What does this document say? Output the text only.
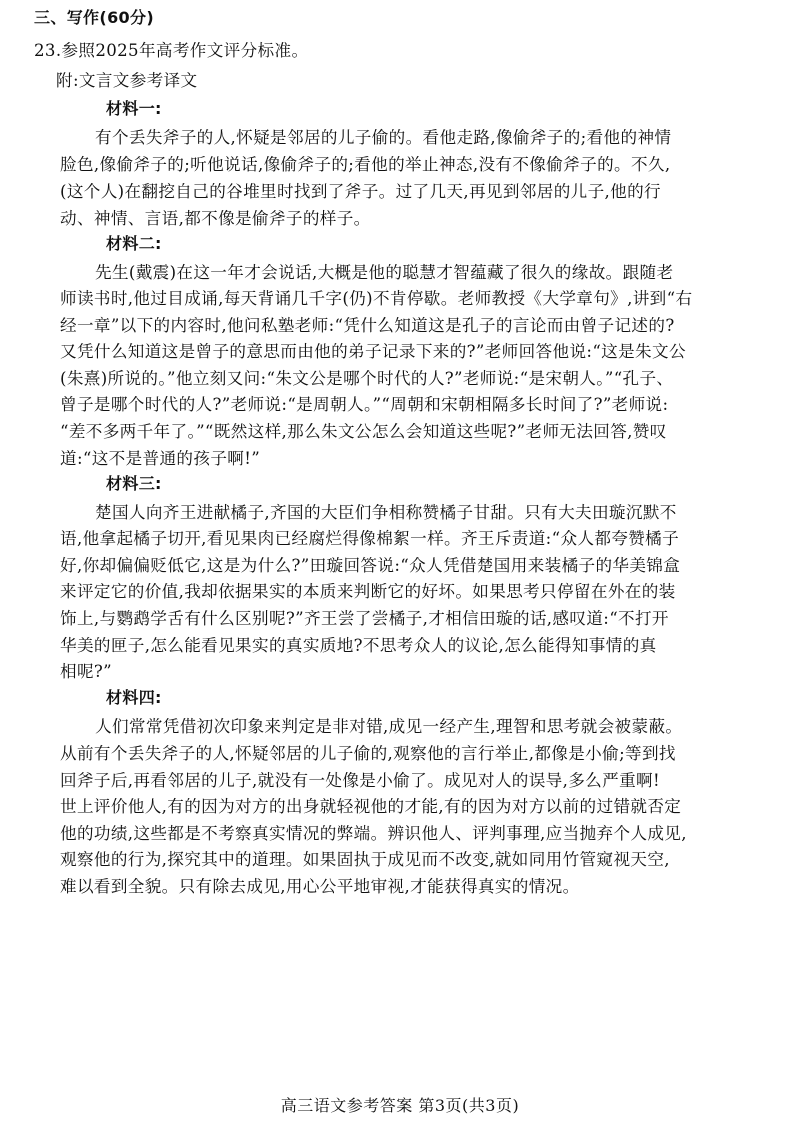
三、写作(60分)
23.参照2025年高考作文评分标准。
附:文言文参考译文
材料一:
有个丢失斧子的人,怀疑是邻居的儿子偷的。看他走路,像偷斧子的;看他的神情
脸色,像偷斧子的;听他说话,像偷斧子的;看他的举止神态,没有不像偷斧子的。不久,
(这个人)在翻挖自己的谷堆里时找到了斧子。过了几天,再见到邻居的儿子,他的行
动、神情、言语,都不像是偷斧子的样子。
材料二:
先生(戴震)在这一年才会说话,大概是他的聪慧才智蕴藏了很久的缘故。跟随老
师读书时,他过目成诵,每天背诵几千字(仍)不肯停歇。老师教授《大学章句》,讲到“右
经一章”以下的内容时,他问私塾老师:“凭什么知道这是孔子的言论而由曾子记述的?
又凭什么知道这是曾子的意思而由他的弟子记录下来的?”老师回答他说:“这是朱文公
(朱熹)所说的。”他立刻又问:“朱文公是哪个时代的人?”老师说:“是宋朝人。”“孔子、
曾子是哪个时代的人?”老师说:“是周朝人。”“周朝和宋朝相隔多长时间了?”老师说:
“差不多两千年了。”“既然这样,那么朱文公怎么会知道这些呢?”老师无法回答,赞叹
道:“这不是普通的孩子啊!”
材料三:
楚国人向齐王进献橘子,齐国的大臣们争相称赞橘子甘甜。只有大夫田璇沉默不
语,他拿起橘子切开,看见果肉已经腐烂得像棉絮一样。齐王斥责道:“众人都夸赞橘子
好,你却偏偏贬低它,这是为什么?”田璇回答说:“众人凭借楚国用来装橘子的华美锦盒
来评定它的价值,我却依据果实的本质来判断它的好坏。如果思考只停留在外在的装
饰上,与鹦鹉学舌有什么区别呢?”齐王尝了尝橘子,才相信田璇的话,感叹道:“不打开
华美的匣子,怎么能看见果实的真实质地?不思考众人的议论,怎么能得知事情的真
相呢?”
材料四:
人们常常凭借初次印象来判定是非对错,成见一经产生,理智和思考就会被蒙蔽。
从前有个丢失斧子的人,怀疑邻居的儿子偷的,观察他的言行举止,都像是小偷;等到找
回斧子后,再看邻居的儿子,就没有一处像是小偷了。成见对人的误导,多么严重啊!
世上评价他人,有的因为对方的出身就轻视他的才能,有的因为对方以前的过错就否定
他的功绩,这些都是不考察真实情况的弊端。辨识他人、评判事理,应当抛弃个人成见,
观察他的行为,探究其中的道理。如果固执于成见而不改变,就如同用竹管窥视天空,
难以看到全貌。只有除去成见,用心公平地审视,才能获得真实的情况。
高三语文参考答案 第3页(共3页)
